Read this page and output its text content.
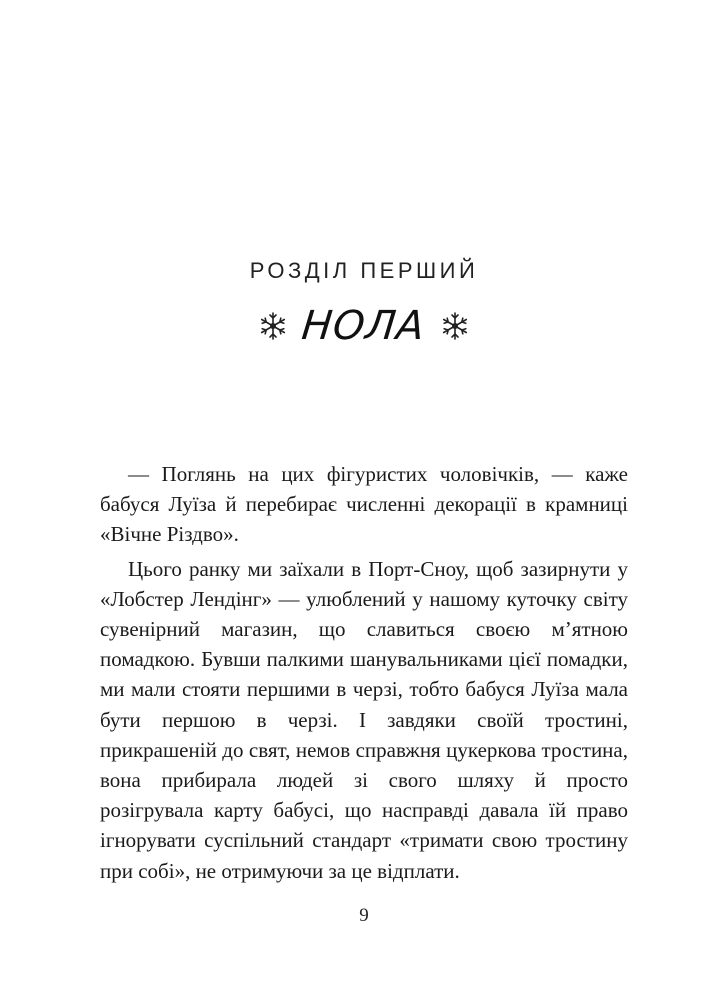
РОЗДІЛ ПЕРШИЙ
НОЛА

— Поглянь на цих фігуристих чоловічків, — каже бабуся Луїза й перебирає численні декорації в крамниці «Вічне Різдво».

Цього ранку ми заїхали в Порт-Сноу, щоб зазирнути у «Лобстер Лендінг» — улюблений у нашому куточку світу сувенірний магазин, що славиться своєю м’ятною помадкою. Бувши палкими шанувальниками цієї помадки, ми мали стояти першими в черзі, тобто бабуся Луїза мала бути першою в черзі. І завдяки своїй тростині, прикрашеній до свят, немов справжня цукеркова тростина, вона прибирала людей зі свого шляху й просто розігрувала карту бабусі, що насправді давала їй право ігнорувати суспільний стандарт «тримати свою тростину при собі», не отримуючи за це відплати.

9
